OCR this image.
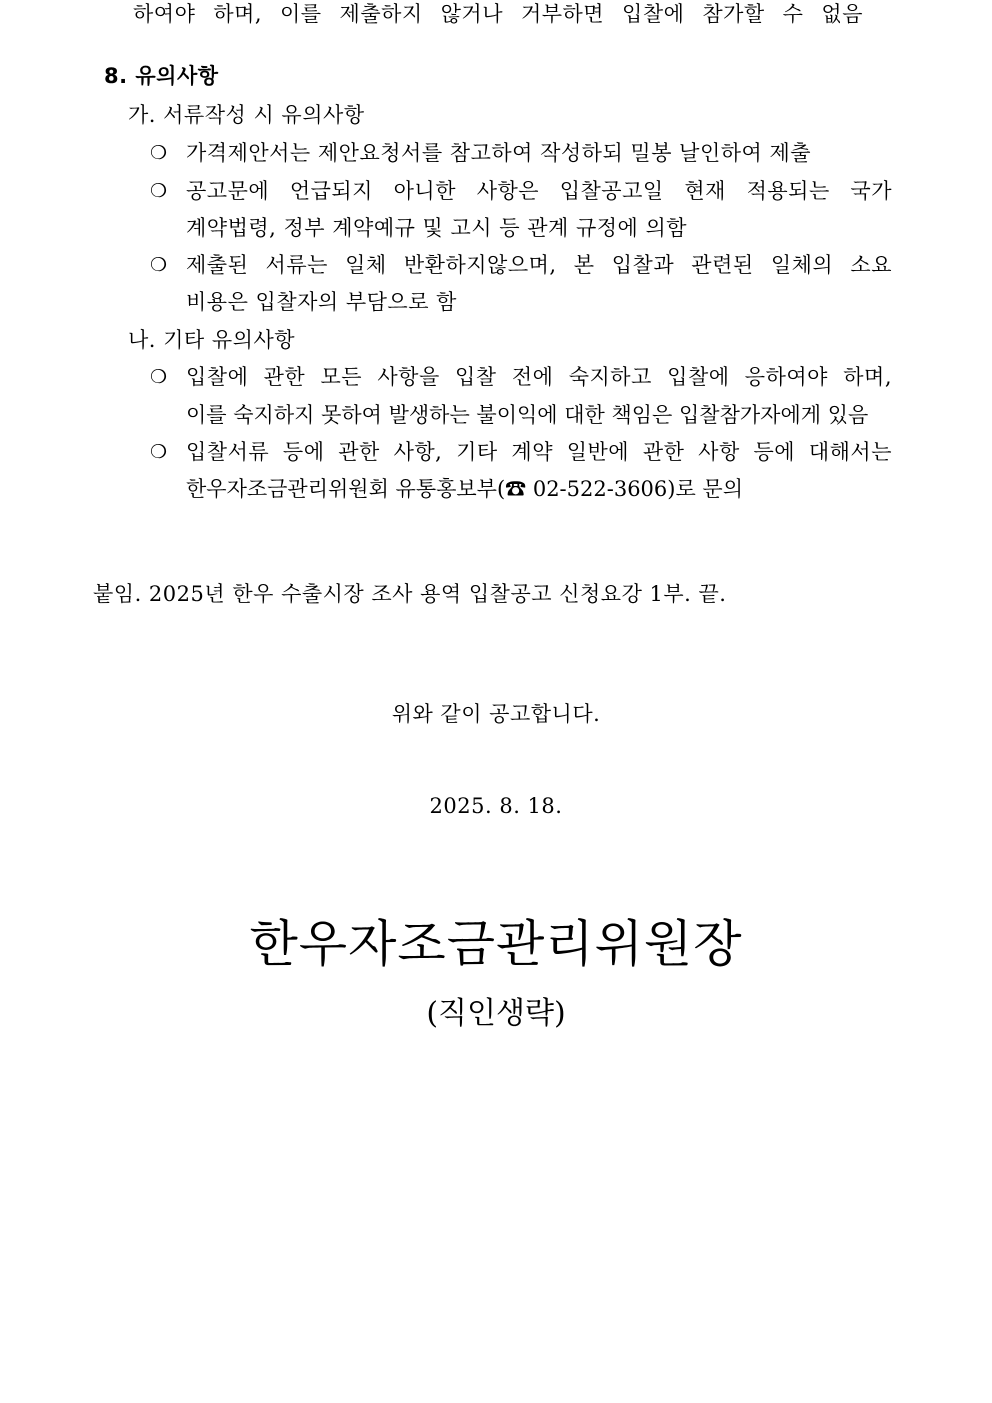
하여야 하며, 이를 제출하지 않거나 거부하면 입찰에 참가할 수 없음
8. 유의사항
가. 서류작성 시 유의사항
❍ 가격제안서는 제안요청서를 참고하여 작성하되 밀봉 날인하여 제출
❍ 공고문에 언급되지 아니한 사항은 입찰공고일 현재 적용되는 국가
계약법령, 정부 계약예규 및 고시 등 관계 규정에 의함
❍ 제출된 서류는 일체 반환하지않으며, 본 입찰과 관련된 일체의 소요
비용은 입찰자의 부담으로 함
나. 기타 유의사항
❍ 입찰에 관한 모든 사항을 입찰 전에 숙지하고 입찰에 응하여야 하며,
이를 숙지하지 못하여 발생하는 불이익에 대한 책임은 입찰참가자에게 있음
❍ 입찰서류 등에 관한 사항, 기타 계약 일반에 관한 사항 등에 대해서는
한우자조금관리위원회 유통홍보부(☎ 02-522-3606)로 문의
붙임. 2025년 한우 수출시장 조사 용역 입찰공고 신청요강 1부. 끝.
위와 같이 공고합니다.
2025. 8. 18.
한우자조금관리위원장
(직인생략)
